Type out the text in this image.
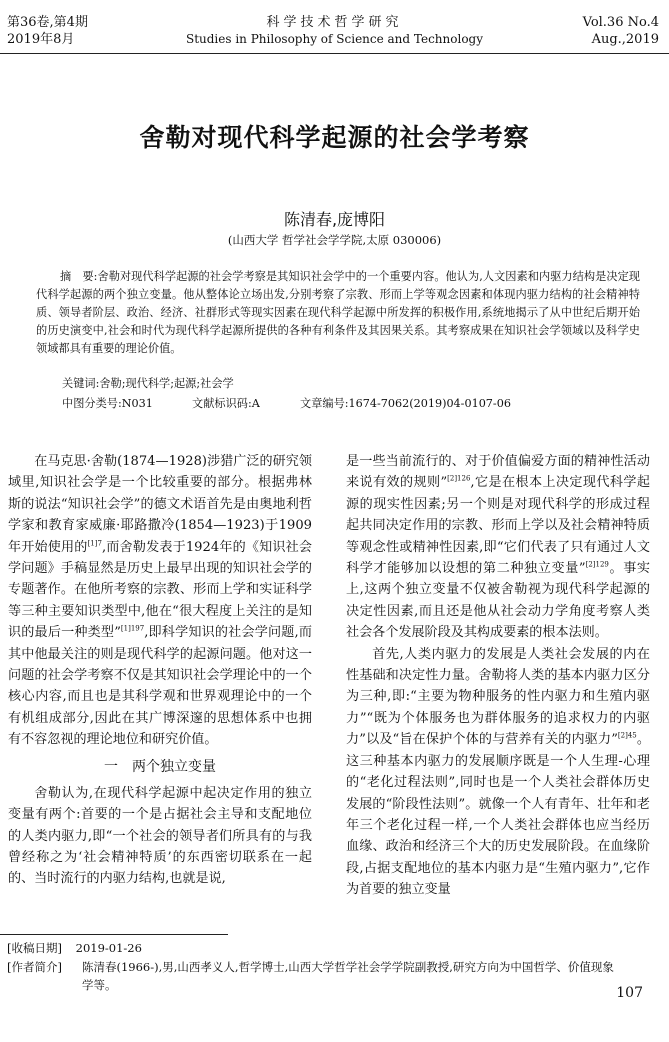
第36卷,第4期
2019年8月
科学技术哲学研究
Studies in Philosophy of Science and Technology
Vol.36 No.4
Aug.,2019
舍勒对现代科学起源的社会学考察
陈清春,庞博阳
(山西大学 哲学社会学学院,太原 030006)
摘　要:舍勒对现代科学起源的社会学考察是其知识社会学中的一个重要内容。他认为,人文因素和内驱力结构是决定现代科学起源的两个独立变量。他从整体论立场出发,分别考察了宗教、形而上学等观念因素和体现内驱力结构的社会精神特质、领导者阶层、政治、经济、社群形式等现实因素在现代科学起源中所发挥的积极作用,系统地揭示了从中世纪后期开始的历史演变中,社会和时代为现代科学起源所提供的各种有利条件及其因果关系。其考察成果在知识社会学领域以及科学史领域都具有重要的理论价值。
关键词:舍勒;现代科学;起源;社会学
中图分类号:N031	文献标识码:A	文章编号:1674-7062(2019)04-0107-06

在马克思·舍勒(1874—1928)涉猎广泛的研究领域里,知识社会学是一个比较重要的部分。根据弗林斯的说法“知识社会学”的德文术语首先是由奥地利哲学家和教育家威廉·耶路撒冷(1854—1923)于1909年开始使用的$^{[1]7}$,而舍勒发表于1924年的《知识社会学问题》手稿显然是历史上最早出现的知识社会学的专题著作。在他所考察的宗教、形而上学和实证科学等三种主要知识类型中,他在“很大程度上关注的是知识的最后一种类型”$^{[1]197}$,即科学知识的社会学问题,而其中他最关注的则是现代科学的起源问题。他对这一问题的社会学考察不仅是其知识社会学理论中的一个核心内容,而且也是其科学观和世界观理论中的一个有机组成部分,因此在其广博深邃的思想体系中也拥有不容忽视的理论地位和研究价值。

一　两个独立变量

舍勒认为,在现代科学起源中起决定作用的独立变量有两个:首要的一个是占据社会主导和支配地位的人类内驱力,即“一个社会的领导者们所具有的与我曾经称之为‘社会精神特质’的东西密切联系在一起的、当时流行的内驱力结构,也就是说,

是一些当前流行的、对于价值偏爱方面的精神性活动来说有效的规则”$^{[2]126}$,它是在根本上决定现代科学起源的现实性因素;另一个则是对现代科学的形成过程起共同决定作用的宗教、形而上学以及社会精神特质等观念性或精神性因素,即“它们代表了只有通过人文科学才能够加以设想的第二种独立变量”$^{[2]129}$。事实上,这两个独立变量不仅被舍勒视为现代科学起源的决定性因素,而且还是他从社会动力学角度考察人类社会各个发展阶段及其构成要素的根本法则。

首先,人类内驱力的发展是人类社会发展的内在性基础和决定性力量。舍勒将人类的基本内驱力区分为三种,即:“主要为物种服务的性内驱力和生殖内驱力”“既为个体服务也为群体服务的追求权力的内驱力”以及“旨在保护个体的与营养有关的内驱力”$^{[2]45}$。这三种基本内驱力的发展顺序既是一个人生理-心理的“老化过程法则”,同时也是一个人类社会群体历史发展的“阶段性法则”。就像一个人有青年、壮年和老年三个老化过程一样,一个人类社会群体也应当经历血缘、政治和经济三个大的历史发展阶段。在血缘阶段,占据支配地位的基本内驱力是“生殖内驱力”,它作为首要的独立变量

[收稿日期] 2019-01-26
[作者简介] 陈清春(1966-),男,山西孝义人,哲学博士,山西大学哲学社会学学院副教授,研究方向为中国哲学、价值现象
学等。	107
